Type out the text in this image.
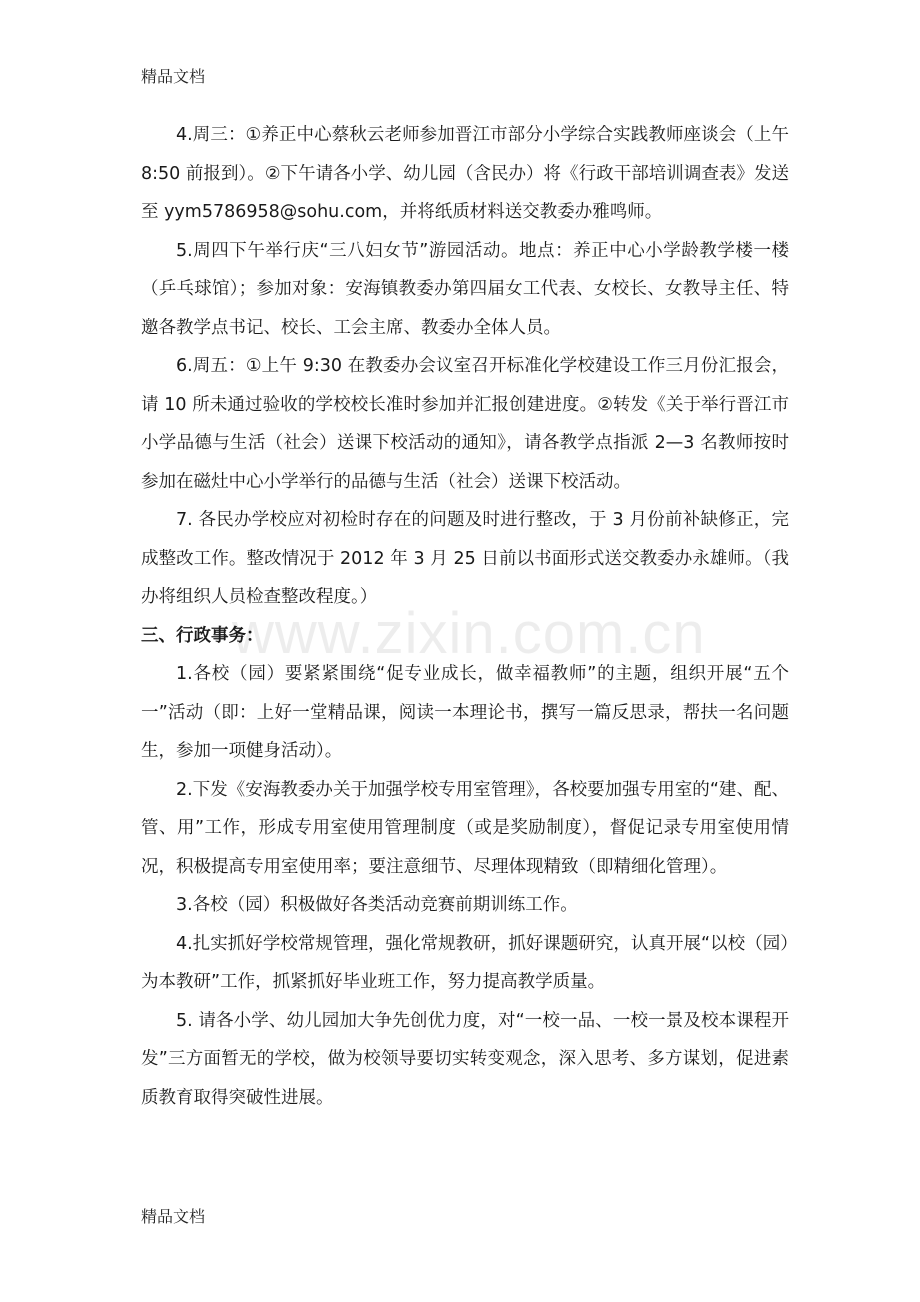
精品文档
www.zixin.com.cn

4.周三：①养正中心蔡秋云老师参加晋江市部分小学综合实践教师座谈会（上午 8:50 前报到）。②下午请各小学、幼儿园（含民办）将《行政干部培训调查表》发送至 yym5786958@sohu.com，并将纸质材料送交教委办雅鸣师。

5.周四下午举行庆“三八妇女节”游园活动。地点：养正中心小学龄教学楼一楼（乒乓球馆）；参加对象：安海镇教委办第四届女工代表、女校长、女教导主任、特邀各教学点书记、校长、工会主席、教委办全体人员。

6.周五：①上午 9:30 在教委办会议室召开标准化学校建设工作三月份汇报会，请 10 所未通过验收的学校校长准时参加并汇报创建进度。②转发《关于举行晋江市小学品德与生活（社会）送课下校活动的通知》，请各教学点指派 2—3 名教师按时参加在磁灶中心小学举行的品德与生活（社会）送课下校活动。

7. 各民办学校应对初检时存在的问题及时进行整改，于 3 月份前补缺修正，完成整改工作。整改情况于 2012 年 3 月 25 日前以书面形式送交教委办永雄师。（我办将组织人员检查整改程度。）

三、行政事务：

1.各校（园）要紧紧围绕“促专业成长，做幸福教师”的主题，组织开展“五个一”活动（即：上好一堂精品课，阅读一本理论书，撰写一篇反思录，帮扶一名问题生，参加一项健身活动）。

2.下发《安海教委办关于加强学校专用室管理》，各校要加强专用室的“建、配、管、用”工作，形成专用室使用管理制度（或是奖励制度），督促记录专用室使用情况，积极提高专用室使用率；要注意细节、尽理体现精致（即精细化管理）。

3.各校（园）积极做好各类活动竞赛前期训练工作。

4.扎实抓好学校常规管理，强化常规教研，抓好课题研究，认真开展“以校（园）为本教研”工作，抓紧抓好毕业班工作，努力提高教学质量。

5. 请各小学、幼儿园加大争先创优力度，对“一校一品、一校一景及校本课程开发”三方面暂无的学校，做为校领导要切实转变观念，深入思考、多方谋划，促进素质教育取得突破性进展。

精品文档
